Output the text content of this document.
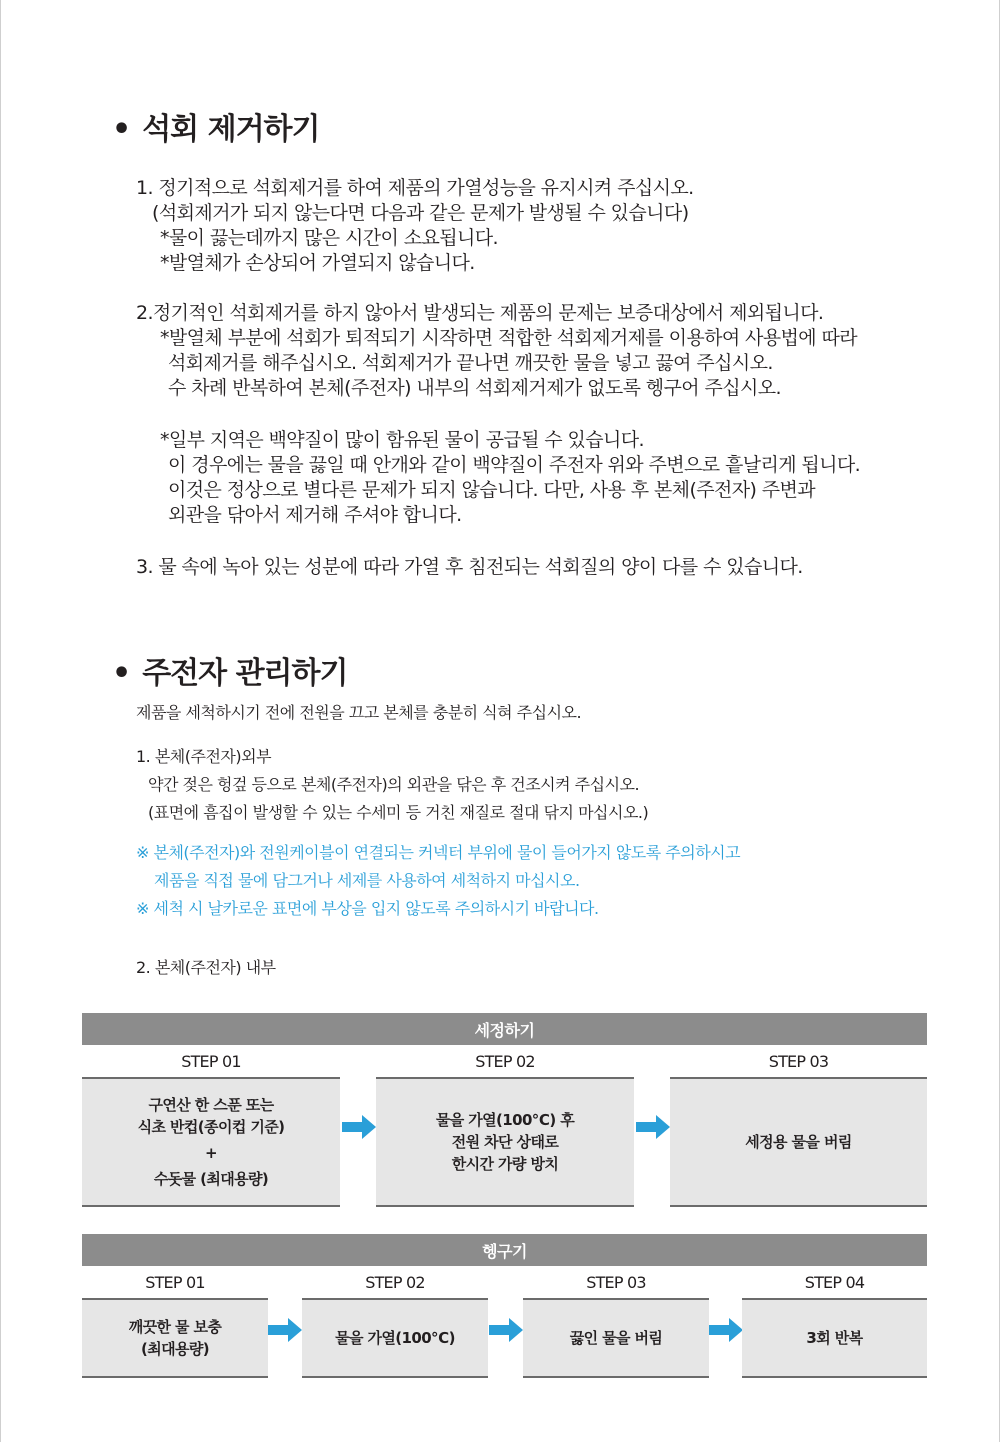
• 석회 제거하기
1. 정기적으로 석회제거를 하여 제품의 가열성능을 유지시켜 주십시오.
(석회제거가 되지 않는다면 다음과 같은 문제가 발생될 수 있습니다)
*물이 끓는데까지 많은 시간이 소요됩니다.
*발열체가 손상되어 가열되지 않습니다.
2.정기적인 석회제거를 하지 않아서 발생되는 제품의 문제는 보증대상에서 제외됩니다.
*발열체 부분에 석회가 퇴적되기 시작하면 적합한 석회제거제를 이용하여 사용법에 따라
석회제거를 해주십시오. 석회제거가 끝나면 깨끗한 물을 넣고 끓여 주십시오.
수 차례 반복하여 본체(주전자) 내부의 석회제거제가 없도록 헹구어 주십시오.
*일부 지역은 백약질이 많이 함유된 물이 공급될 수 있습니다.
이 경우에는 물을 끓일 때 안개와 같이 백약질이 주전자 위와 주변으로 흩날리게 됩니다.
이것은 정상으로 별다른 문제가 되지 않습니다. 다만, 사용 후 본체(주전자) 주변과
외관을 닦아서 제거해 주셔야 합니다.
3. 물 속에 녹아 있는 성분에 따라 가열 후 침전되는 석회질의 양이 다를 수 있습니다.
• 주전자 관리하기
제품을 세척하시기 전에 전원을 끄고 본체를 충분히 식혀 주십시오.
1. 본체(주전자)외부
약간 젖은 헝겊 등으로 본체(주전자)의 외관을 닦은 후 건조시켜 주십시오.
(표면에 흠집이 발생할 수 있는 수세미 등 거친 재질로 절대 닦지 마십시오.)
※ 본체(주전자)와 전원케이블이 연결되는 커넥터 부위에 물이 들어가지 않도록 주의하시고
제품을 직접 물에 담그거나 세제를 사용하여 세척하지 마십시오.
※ 세척 시 날카로운 표면에 부상을 입지 않도록 주의하시기 바랍니다.
2. 본체(주전자) 내부
세정하기
STEP 01
구연산 한 스푼 또는
식초 반컵(종이컵 기준)
+
수돗물 (최대용량)
STEP 02
물을 가열(100℃) 후
전원 차단 상태로
한시간 가량 방치
STEP 03
세정용 물을 버림
헹구기
STEP 01
깨끗한 물 보충
(최대용량)
STEP 02
물을 가열(100℃)
STEP 03
끓인 물을 버림
STEP 04
3회 반복
